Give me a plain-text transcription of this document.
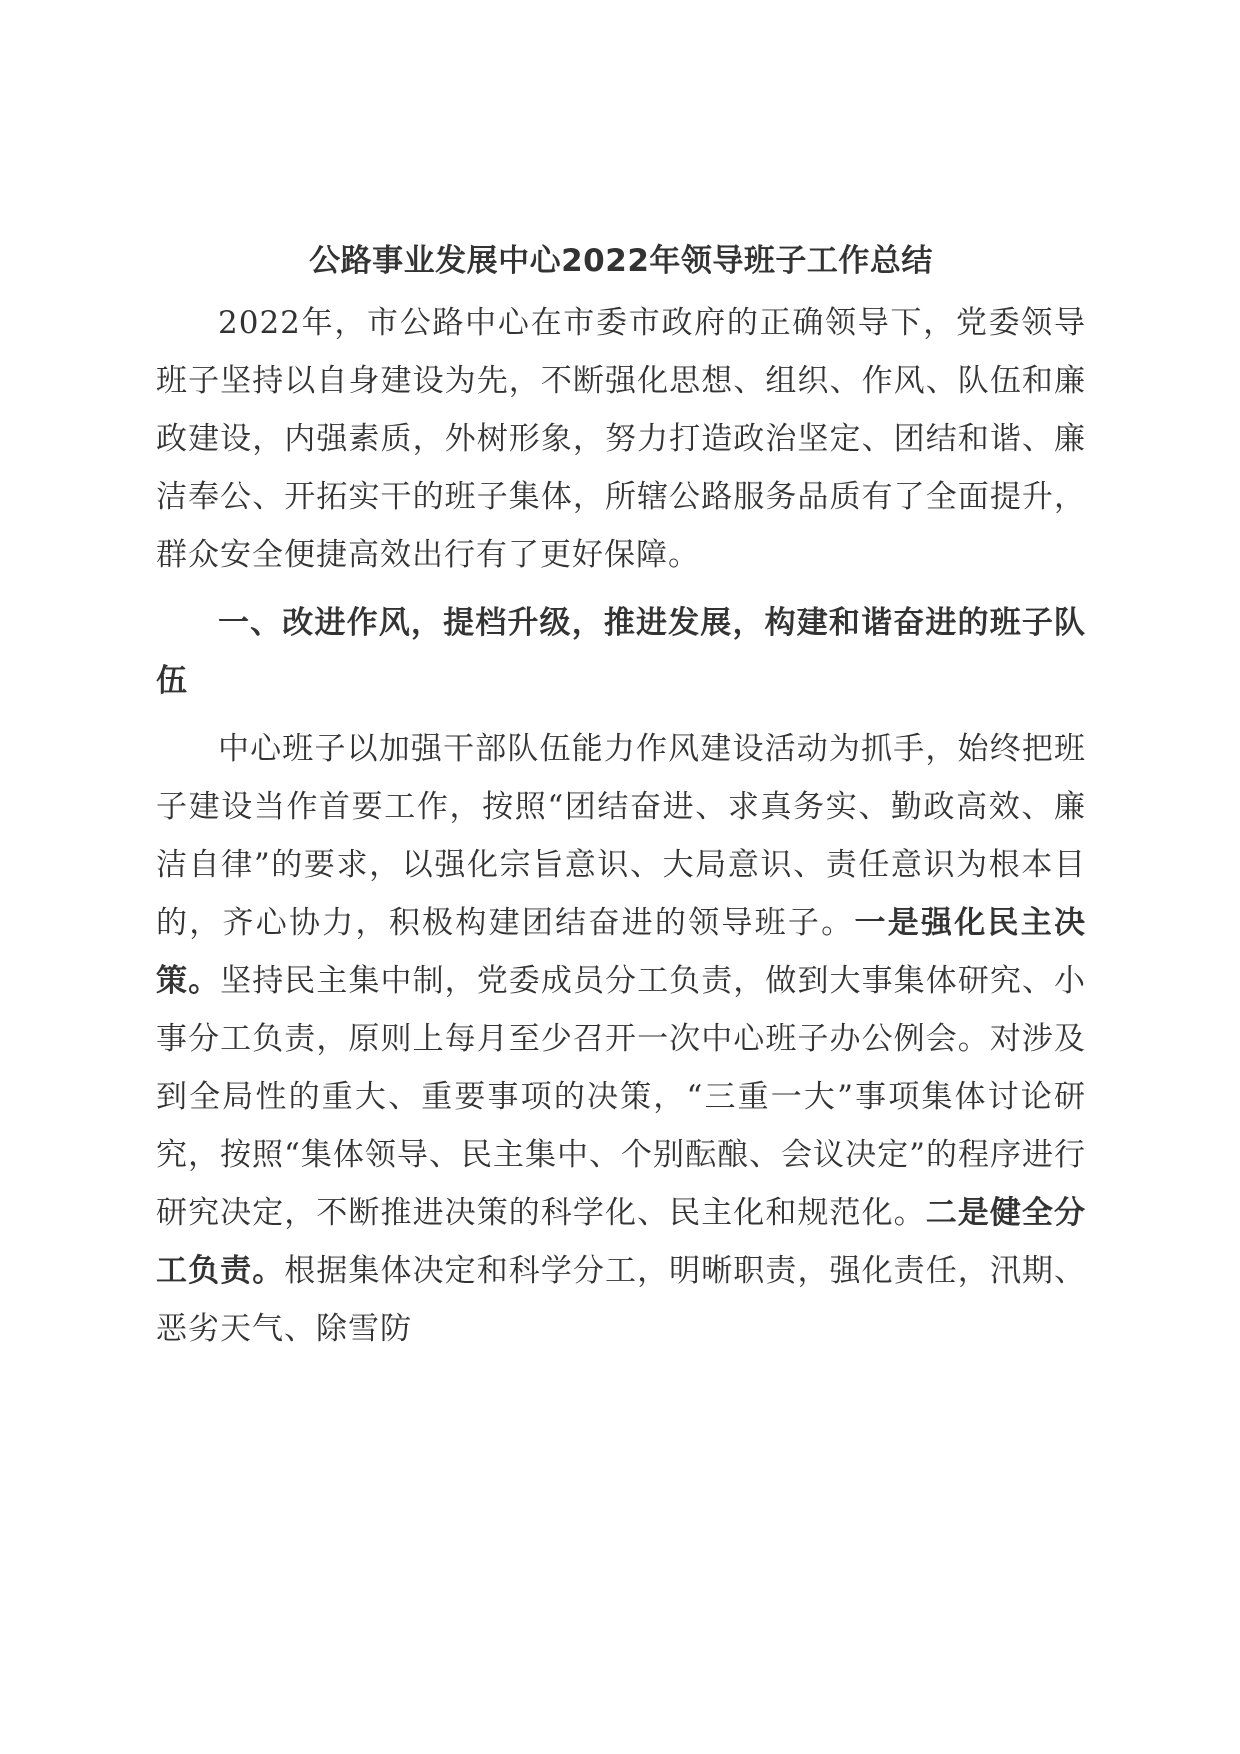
公路事业发展中心2022年领导班子工作总结

2022年，市公路中心在市委市政府的正确领导下，党委领导班子坚持以自身建设为先，不断强化思想、组织、作风、队伍和廉政建设，内强素质，外树形象，努力打造政治坚定、团结和谐、廉洁奉公、开拓实干的班子集体，所辖公路服务品质有了全面提升，群众安全便捷高效出行有了更好保障。

一、改进作风，提档升级，推进发展，构建和谐奋进的班子队伍

中心班子以加强干部队伍能力作风建设活动为抓手，始终把班子建设当作首要工作，按照“团结奋进、求真务实、勤政高效、廉洁自律”的要求，以强化宗旨意识、大局意识、责任意识为根本目的，齐心协力，积极构建团结奋进的领导班子。一是强化民主决策。坚持民主集中制，党委成员分工负责，做到大事集体研究、小事分工负责，原则上每月至少召开一次中心班子办公例会。对涉及到全局性的重大、重要事项的决策，“三重一大”事项集体讨论研究，按照“集体领导、民主集中、个别酝酿、会议决定”的程序进行研究决定，不断推进决策的科学化、民主化和规范化。二是健全分工负责。根据集体决定和科学分工，明晰职责，强化责任，汛期、恶劣天气、除雪防
